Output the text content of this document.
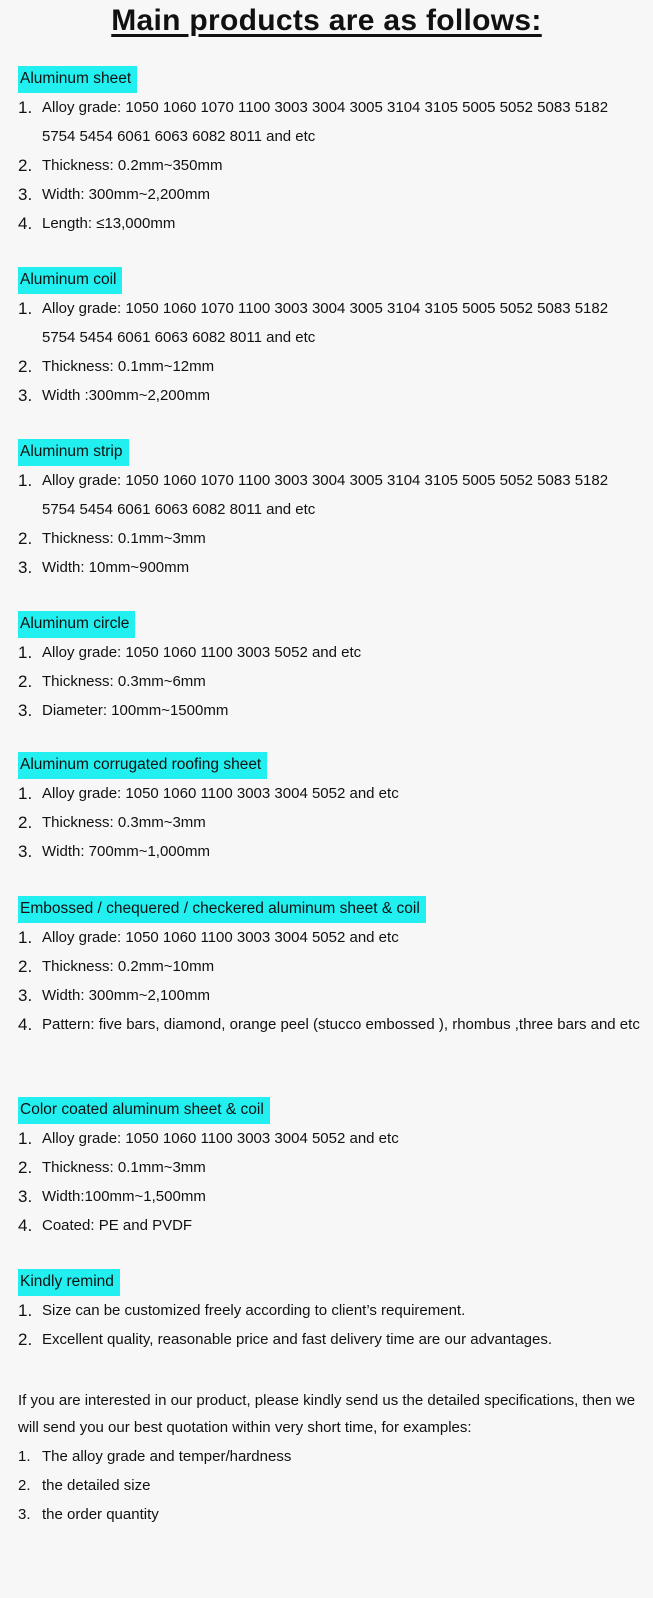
Main products are as follows:
Aluminum sheet
1. Alloy grade: 1050 1060 1070 1100 3003 3004 3005 3104 3105 5005 5052 5083 5182 5754 5454 6061 6063 6082 8011 and etc
2. Thickness: 0.2mm~350mm
3. Width: 300mm~2,200mm
4. Length: ≤13,000mm
Aluminum coil
1. Alloy grade: 1050 1060 1070 1100 3003 3004 3005 3104 3105 5005 5052 5083 5182 5754 5454 6061 6063 6082 8011 and etc
2. Thickness: 0.1mm~12mm
3. Width :300mm~2,200mm
Aluminum strip
1. Alloy grade: 1050 1060 1070 1100 3003 3004 3005 3104 3105 5005 5052 5083 5182 5754 5454 6061 6063 6082 8011 and etc
2. Thickness: 0.1mm~3mm
3. Width: 10mm~900mm
Aluminum circle
1. Alloy grade: 1050 1060 1100 3003 5052 and etc
2. Thickness: 0.3mm~6mm
3. Diameter: 100mm~1500mm
Aluminum corrugated roofing sheet
1. Alloy grade: 1050 1060 1100 3003 3004 5052 and etc
2. Thickness: 0.3mm~3mm
3. Width: 700mm~1,000mm
Embossed / chequered / checkered aluminum sheet & coil
1. Alloy grade: 1050 1060 1100 3003 3004 5052 and etc
2. Thickness: 0.2mm~10mm
3. Width: 300mm~2,100mm
4. Pattern: five bars, diamond, orange peel (stucco embossed ), rhombus ,three bars and etc
Color coated aluminum sheet & coil
1. Alloy grade: 1050 1060 1100 3003 3004 5052 and etc
2. Thickness: 0.1mm~3mm
3. Width:100mm~1,500mm
4. Coated: PE and PVDF
Kindly remind
1. Size can be customized freely according to client’s requirement.
2. Excellent quality, reasonable price and fast delivery time are our advantages.

If you are interested in our product, please kindly send us the detailed specifications, then we will send you our best quotation within very short time, for examples:

1. The alloy grade and temper/hardness
2. the detailed size
3. the order quantity
